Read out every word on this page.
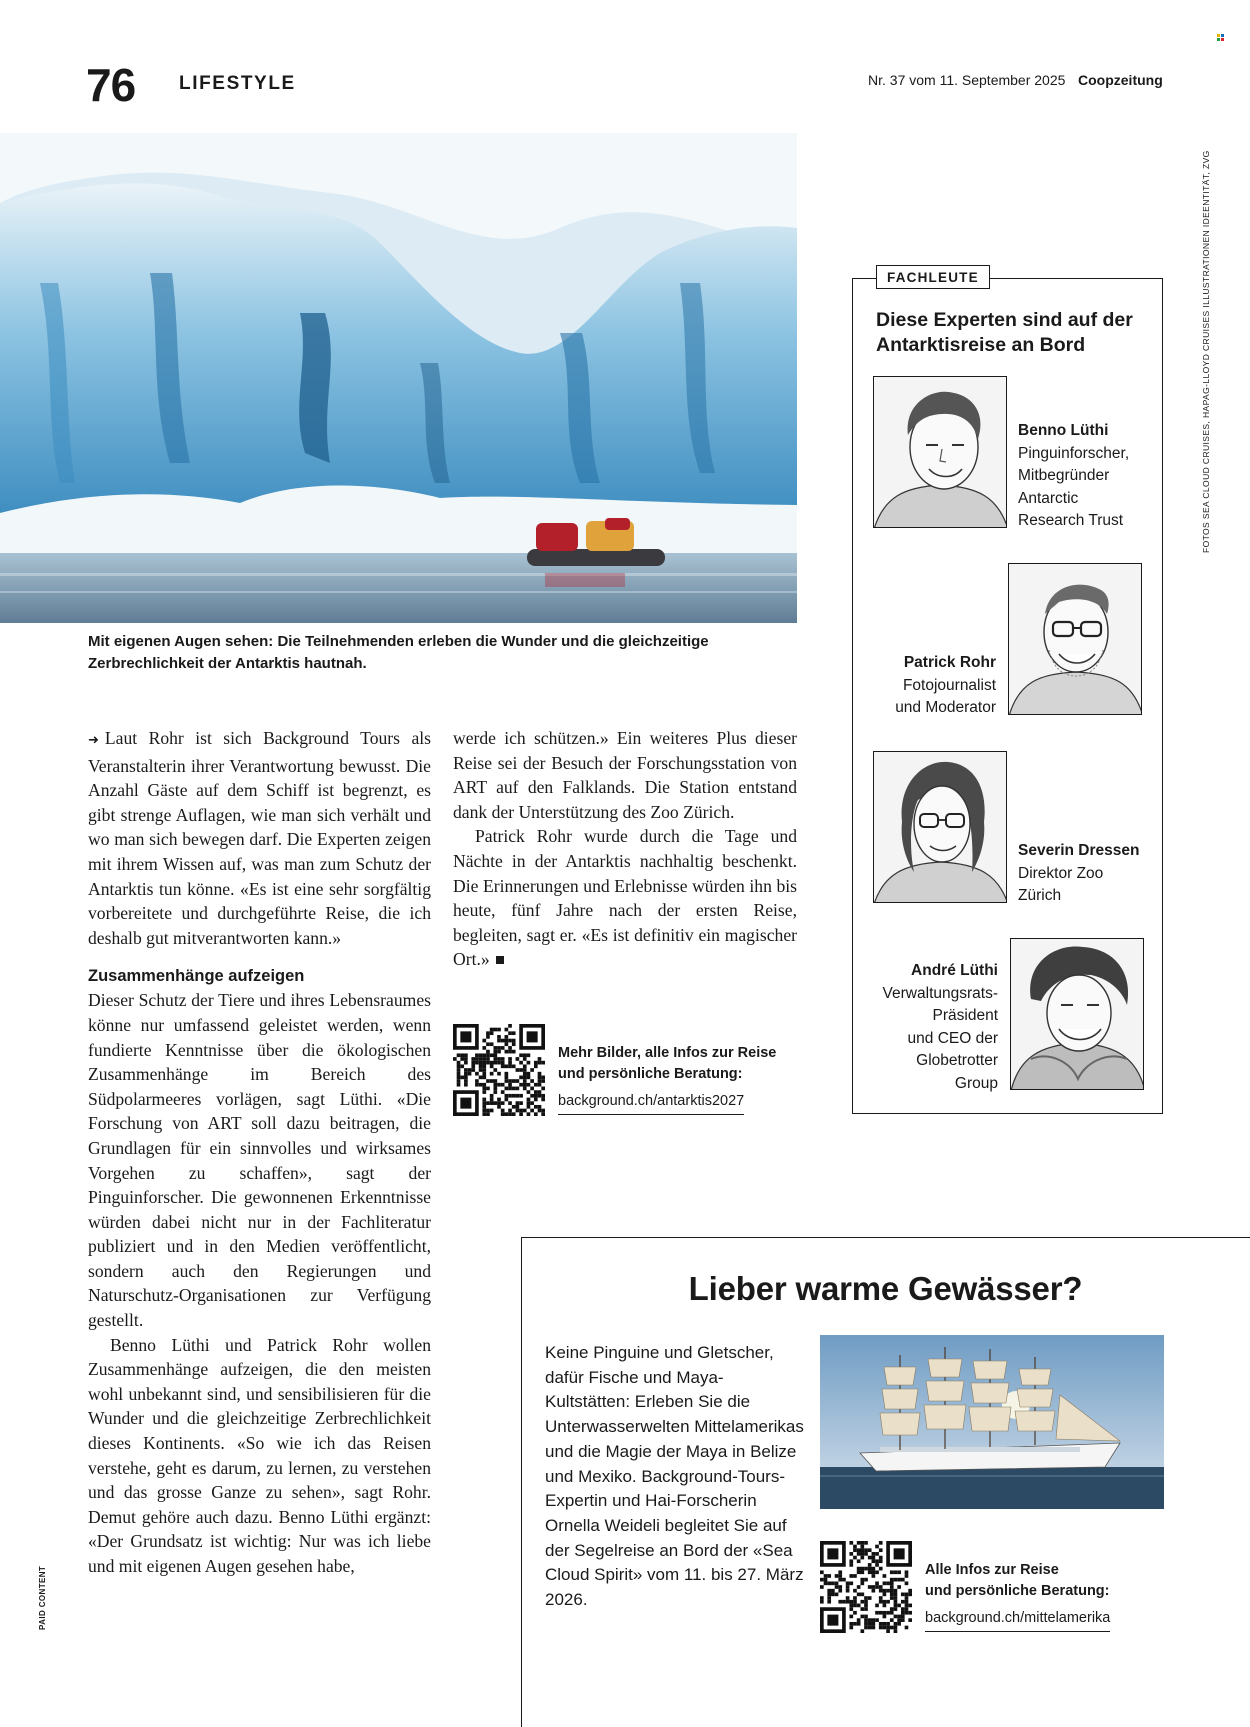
76 LIFESTYLE	Nr. 37 vom 11. September 2025 Coopzeitung
FOTOS SEA CLOUD CRUISES, HAPAG-LLOYD CRUISES ILLUSTRATIONEN IDEENTITÄT, ZVG
PAID CONTENT
Mit eigenen Augen sehen: Die Teilnehmenden erleben die Wunder und die gleichzeitige Zerbrechlichkeit der Antarktis hautnah.

➜ Laut Rohr ist sich Background Tours als Veranstalterin ihrer Verantwortung bewusst. Die Anzahl Gäste auf dem Schiff ist begrenzt, es gibt strenge Auflagen, wie man sich verhält und wo man sich bewegen darf. Die Experten zeigen mit ihrem Wissen auf, was man zum Schutz der Antarktis tun könne. «Es ist eine sehr sorgfältig vorbereitete und durchgeführte Reise, die ich deshalb gut mitverantworten kann.»

Zusammenhänge aufzeigen

Dieser Schutz der Tiere und ihres Lebensraumes könne nur umfassend geleistet werden, wenn fundierte Kenntnisse über die ökologischen Zusammenhänge im Bereich des Südpolarmeeres vorlägen, sagt Lüthi. «Die Forschung von ART soll dazu beitragen, die Grundlagen für ein sinnvolles und wirksames Vorgehen zu schaffen», sagt der Pinguinforscher. Die gewonnenen Erkenntnisse würden dabei nicht nur in der Fachliteratur publiziert und in den Medien veröffentlicht, sondern auch den Regierungen und Naturschutz-Organisationen zur Verfügung gestellt.

Benno Lüthi und Patrick Rohr wollen Zusammenhänge aufzeigen, die den meisten wohl unbekannt sind, und sensibilisieren für die Wunder und die gleichzeitige Zerbrechlichkeit dieses Kontinents. «So wie ich das Reisen verstehe, geht es darum, zu lernen, zu verstehen und das grosse Ganze zu sehen», sagt Rohr. Demut gehöre auch dazu. Benno Lüthi ergänzt: «Der Grundsatz ist wichtig: Nur was ich liebe und mit eigenen Augen gesehen habe,

werde ich schützen.» Ein weiteres Plus dieser Reise sei der Besuch der Forschungsstation von ART auf den Falklands. Die Station entstand dank der Unterstützung des Zoo Zürich.

Patrick Rohr wurde durch die Tage und Nächte in der Antarktis nachhaltig beschenkt. Die Erinnerungen und Erlebnisse würden ihn bis heute, fünf Jahre nach der ersten Reise, begleiten, sagt er. «Es ist definitiv ein magischer Ort.»

Mehr Bilder, alle Infos zur Reise
und persönliche Beratung:
background.ch/antarktis2027
FACHLEUTE
Diese Experten sind auf der Antarktisreise an Bord
Benno Lüthi
Pinguinforscher,
Mitbegründer
Antarctic
Research Trust
Patrick Rohr
Fotojournalist
und Moderator
Severin Dressen
Direktor Zoo
Zürich
André Lüthi
Verwaltungsrats-
Präsident
und CEO der
Globetrotter
Group
Lieber warme Gewässer?
Keine Pinguine und Gletscher, dafür Fische und Maya-Kultstätten: Erleben Sie die Unterwasserwelten Mittelamerikas und die Magie der Maya in Belize und Mexiko. Background-Tours-Expertin und Hai-Forscherin Ornella Weideli begleitet Sie auf der Segelreise an Bord der «Sea Cloud Spirit» vom 11. bis 27. März 2026.
Alle Infos zur Reise
und persönliche Beratung:
background.ch/mittelamerika
